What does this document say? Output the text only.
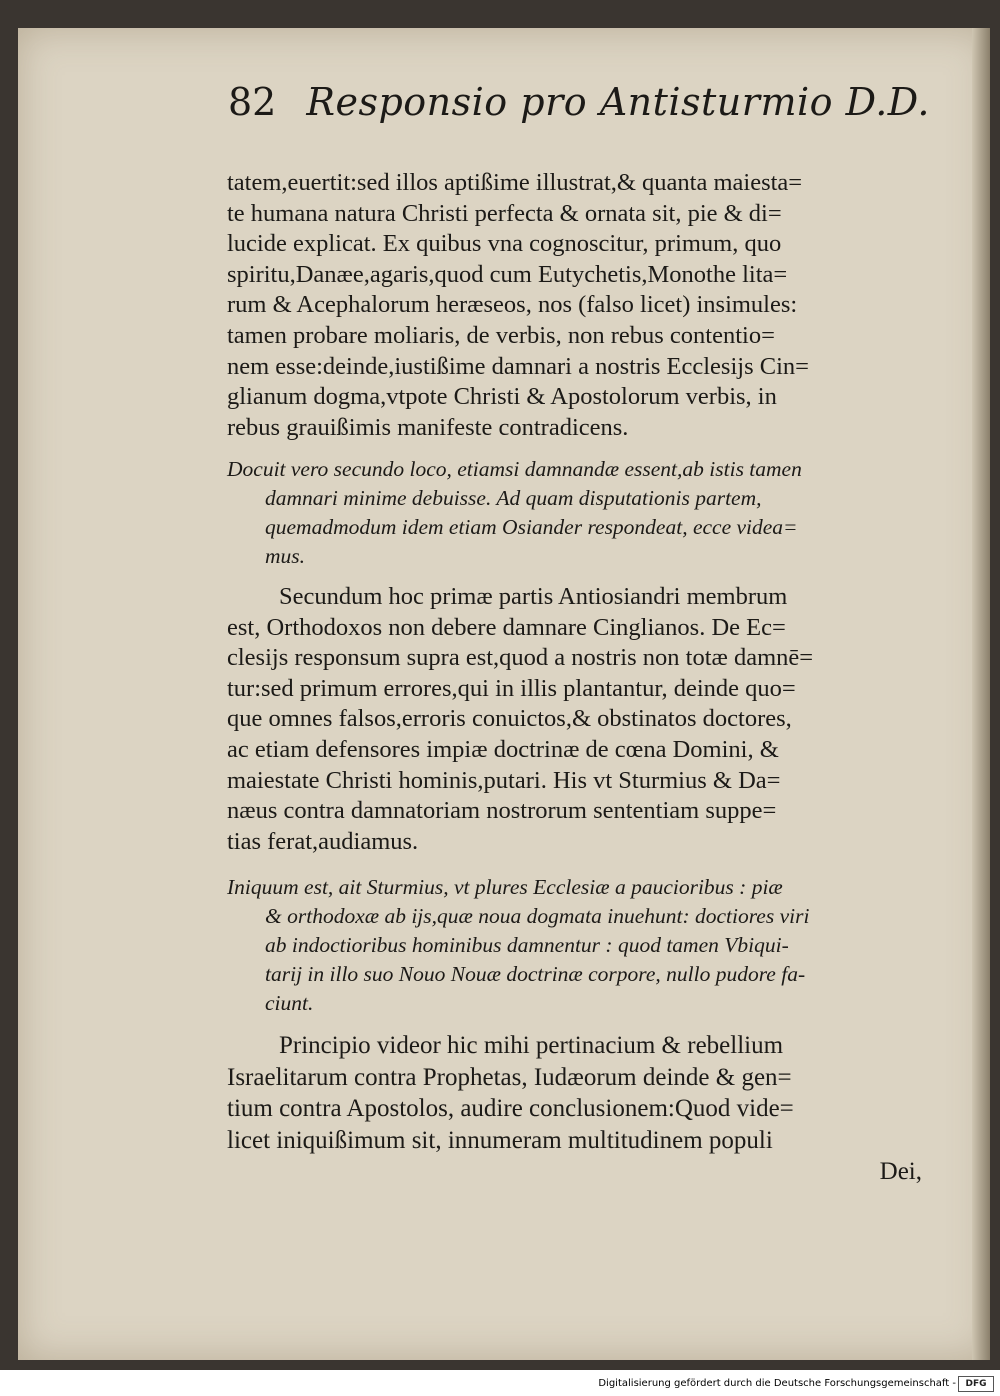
82 Responsio pro Antisturmio D.D.
tatem,euertit:sed illos aptißime illustrat,& quanta maiesta=
te humana natura Christi perfecta & ornata sit, pie & di=
lucide explicat. Ex quibus vna cognoscitur, primum, quo
spiritu,Danæe,agaris,quod cum Eutychetis,Monothe lita=
rum & Acephalorum heræseos, nos (falso licet) insimules:
tamen probare moliaris, de verbis, non rebus contentio=
nem esse:deinde,iustißime damnari a nostris Ecclesijs Cin=
glianum dogma,vtpote Christi & Apostolorum verbis, in
rebus grauißimis manifeste contradicens.
Docuit vero secundo loco, etiamsi damnandæ essent,ab istis tamen
damnari minime debuisse. Ad quam disputationis partem,
quemadmodum idem etiam Osiander respondeat, ecce videa=
mus.
Secundum hoc primæ partis Antiosiandri membrum
est, Orthodoxos non debere damnare Cinglianos. De Ec=
clesijs responsum supra est,quod a nostris non totæ damnē=
tur:sed primum errores,qui in illis plantantur, deinde quo=
que omnes falsos,erroris conuictos,& obstinatos doctores,
ac etiam defensores impiæ doctrinæ de cœna Domini, &
maiestate Christi hominis,putari. His vt Sturmius & Da=
næus contra damnatoriam nostrorum sententiam suppe=
tias ferat,audiamus.
Iniquum est, ait Sturmius, vt plures Ecclesiæ a paucioribus : piæ
& orthodoxæ ab ijs,quæ noua dogmata inuehunt: doctiores viri
ab indoctioribus hominibus damnentur : quod tamen Vbiqui-
tarij in illo suo Nouo Nouæ doctrinæ corpore, nullo pudore fa-
ciunt.
Principio videor hic mihi pertinacium & rebellium
Israelitarum contra Prophetas, Iudæorum deinde & gen=
tium contra Apostolos, audire conclusionem:Quod vide=
licet iniquißimum sit, innumeram multitudinem populi
Dei,
Digitalisierung gefördert durch die Deutsche Forschungsgemeinschaft -	DFG
